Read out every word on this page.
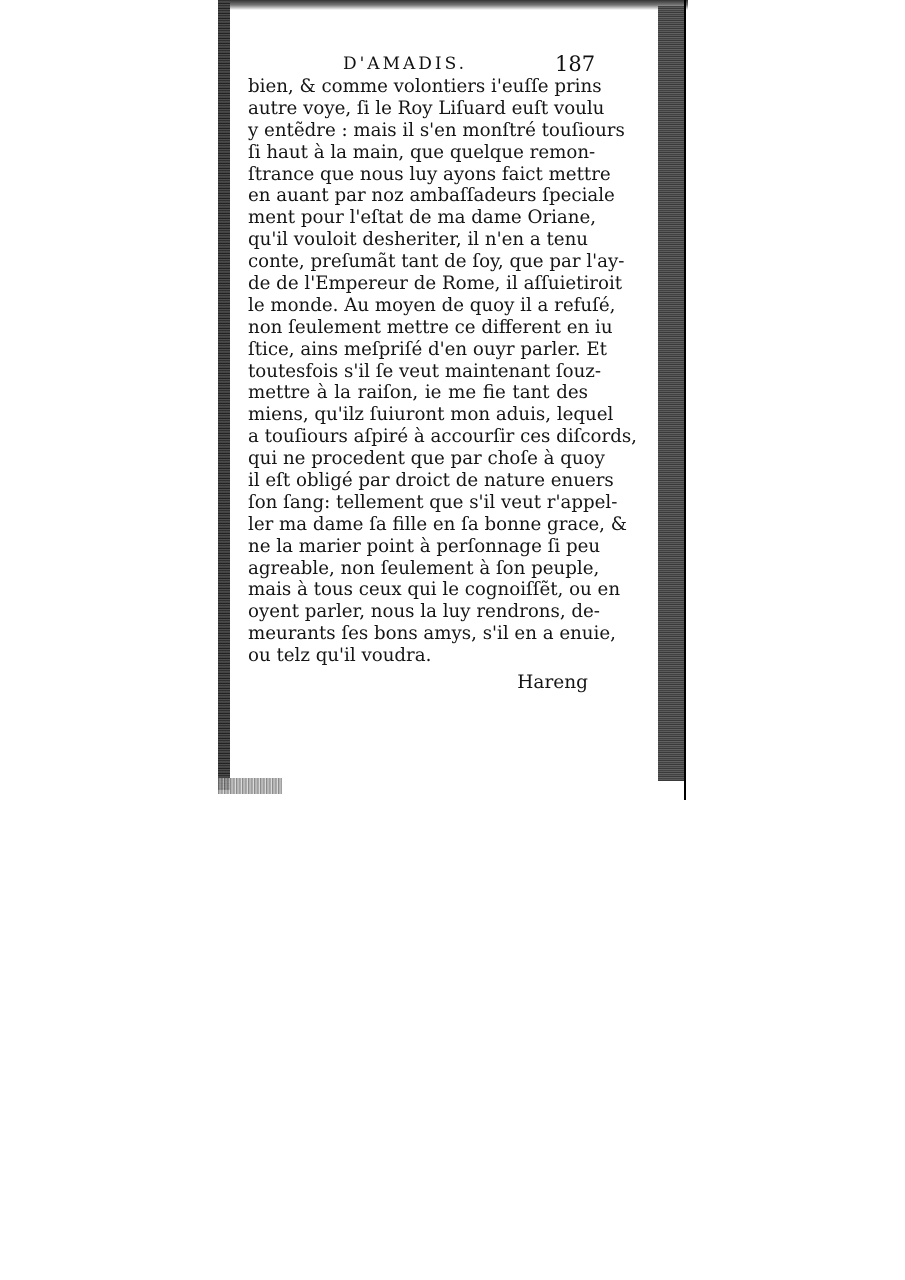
D'AMADIS.	187
bien, & comme volontiers i'euſſe prins
autre voye, ſi le Roy Liſuard euſt voulu
y entẽdre : mais il s'en monſtré touſiours
ſi haut à la main, que quelque remon-
ſtrance que nous luy ayons faict mettre
en auant par noz ambaſſadeurs ſpeciale
ment pour l'eſtat de ma dame Oriane,
qu'il vouloit desheriter, il n'en a tenu
conte, preſumãt tant de ſoy, que par l'ay-
de de l'Empereur de Rome, il aſſuietiroit
le monde. Au moyen de quoy il a refuſé,
non ſeulement mettre ce different en iu
ſtice, ains meſpriſé d'en ouyr parler. Et
toutesfois s'il ſe veut maintenant ſouz-
mettre à la raiſon, ie me fie tant des
miens, qu'ilz ſuiuront mon aduis, lequel
a touſiours aſpiré à accourſir ces diſcords,
qui ne procedent que par choſe à quoy
il eſt obligé par droict de nature enuers
ſon ſang: tellement que s'il veut r'appel-
ler ma dame ſa fille en ſa bonne grace, &
ne la marier point à perſonnage ſi peu
agreable, non ſeulement à ſon peuple,
mais à tous ceux qui le cognoiſſẽt, ou en
oyent parler, nous la luy rendrons, de-
meurants ſes bons amys, s'il en a enuie,
ou telz qu'il voudra.
Hareng
